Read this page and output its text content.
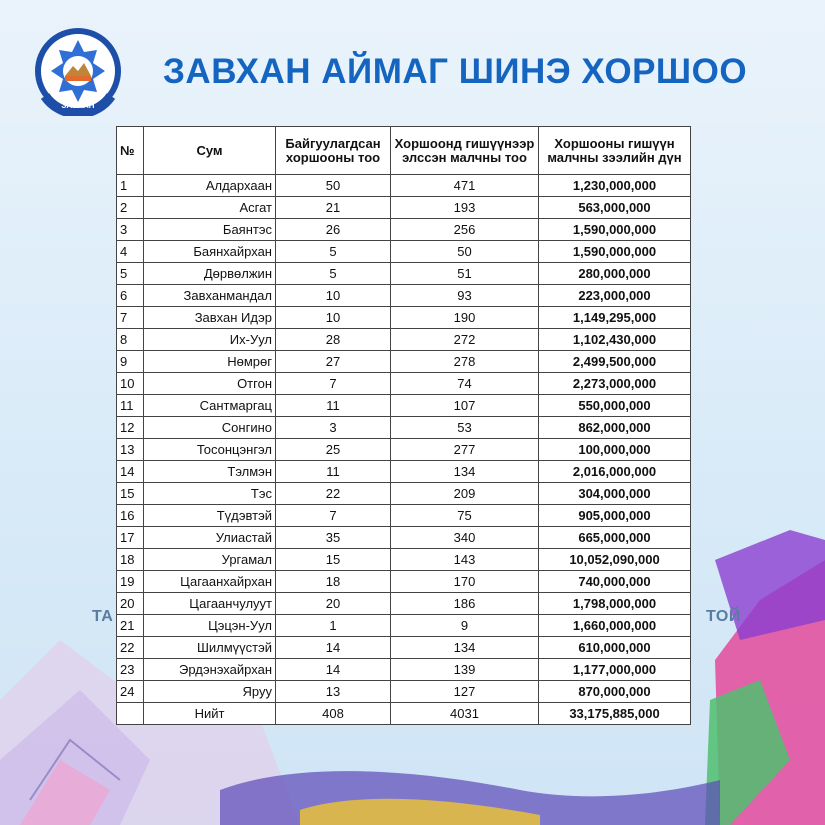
ЗАВХАН
ЗАВХАН АЙМАГ ШИНЭ ХОРШОО
ТА	ТОЙ
№	Сум	Байгуулагдсан хоршооны тоо	Хоршоонд гишүүнээр элссэн малчны тоо	Хоршооны гишүүн малчны зээлийн дүн
1	Алдархаан	50	471	1,230,000,000
2	Асгат	21	193	563,000,000
3	Баянтэс	26	256	1,590,000,000
4	Баянхайрхан	5	50	1,590,000,000
5	Дөрвөлжин	5	51	280,000,000
6	Завханмандал	10	93	223,000,000
7	Завхан Идэр	10	190	1,149,295,000
8	Их-Уул	28	272	1,102,430,000
9	Нөмрөг	27	278	2,499,500,000
10	Отгон	7	74	2,273,000,000
11	Сантмаргац	11	107	550,000,000
12	Сонгино	3	53	862,000,000
13	Тосонцэнгэл	25	277	100,000,000
14	Тэлмэн	11	134	2,016,000,000
15	Тэс	22	209	304,000,000
16	Түдэвтэй	7	75	905,000,000
17	Улиастай	35	340	665,000,000
18	Ургамал	15	143	10,052,090,000
19	Цагаанхайрхан	18	170	740,000,000
20	Цагаанчулуут	20	186	1,798,000,000
21	Цэцэн-Уул	1	9	1,660,000,000
22	Шилмүүстэй	14	134	610,000,000
23	Эрдэнэхайрхан	14	139	1,177,000,000
24	Яруу	13	127	870,000,000
	Нийт	408	4031	33,175,885,000
